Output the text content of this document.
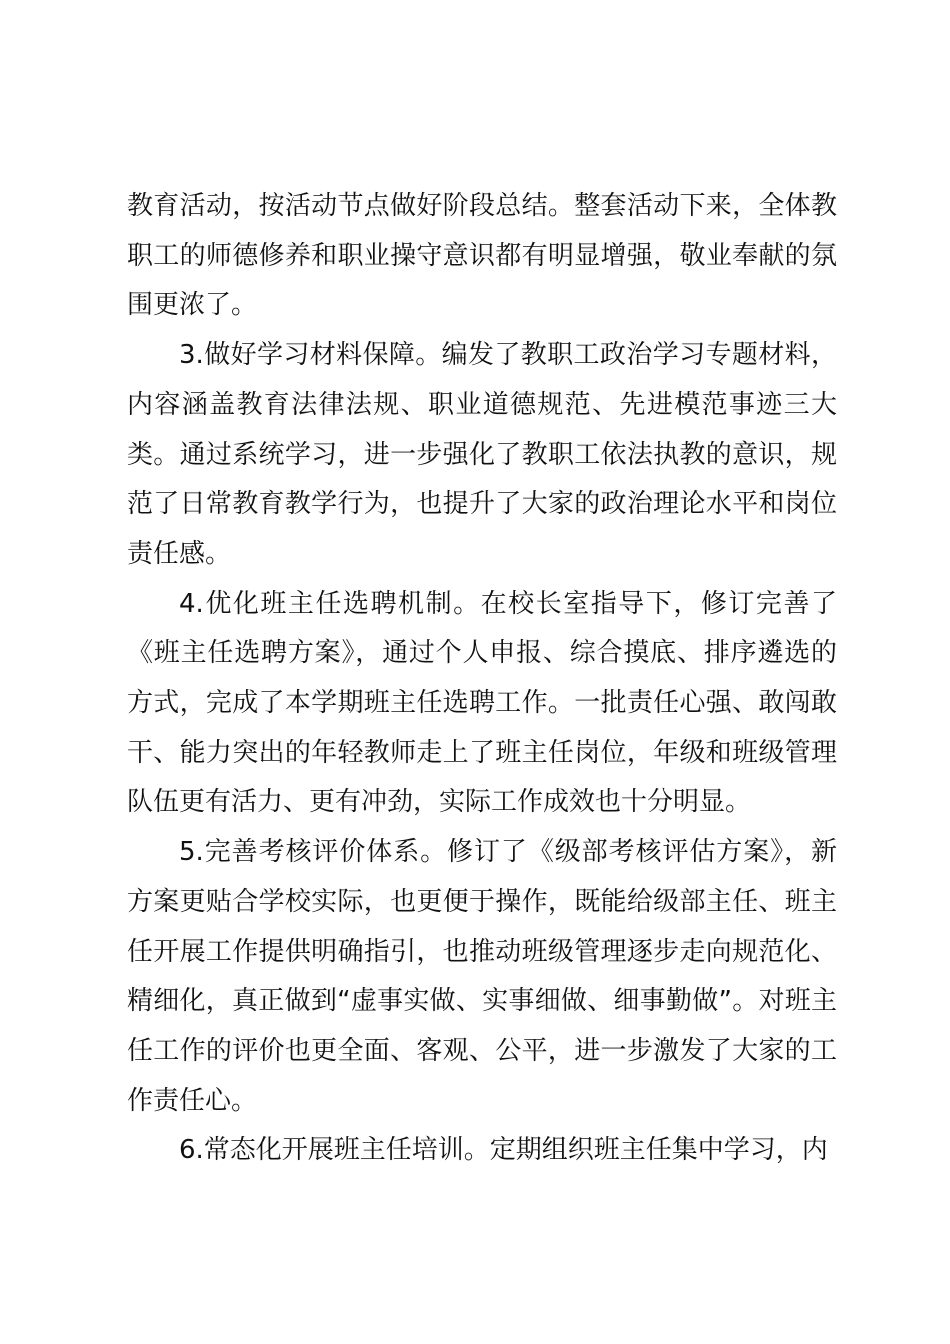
教育活动，按活动节点做好阶段总结。整套活动下来，全体教职工的师德修养和职业操守意识都有明显增强，敬业奉献的氛围更浓了。

3.做好学习材料保障。编发了教职工政治学习专题材料，内容涵盖教育法律法规、职业道德规范、先进模范事迹三大类。通过系统学习，进一步强化了教职工依法执教的意识，规范了日常教育教学行为，也提升了大家的政治理论水平和岗位责任感。

4.优化班主任选聘机制。在校长室指导下，修订完善了《班主任选聘方案》，通过个人申报、综合摸底、排序遴选的方式，完成了本学期班主任选聘工作。一批责任心强、敢闯敢干、能力突出的年轻教师走上了班主任岗位，年级和班级管理队伍更有活力、更有冲劲，实际工作成效也十分明显。

5.完善考核评价体系。修订了《级部考核评估方案》，新方案更贴合学校实际，也更便于操作，既能给级部主任、班主任开展工作提供明确指引，也推动班级管理逐步走向规范化、精细化，真正做到“虚事实做、实事细做、细事勤做”。对班主任工作的评价也更全面、客观、公平，进一步激发了大家的工作责任心。

6.常态化开展班主任培训。定期组织班主任集中学习，内
